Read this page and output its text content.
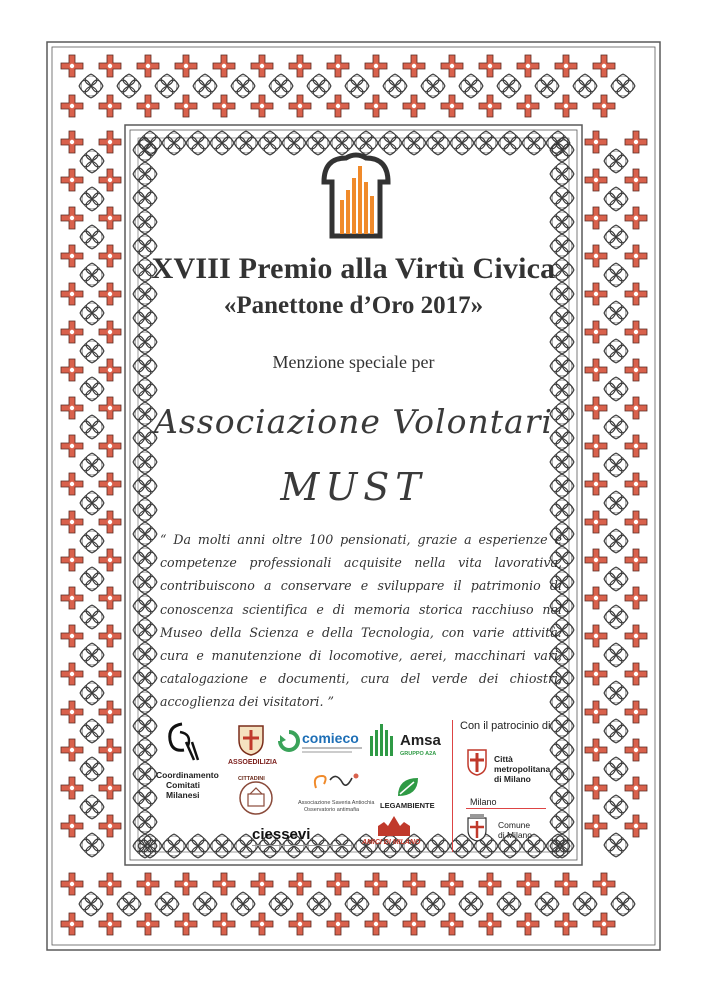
XVIII Premio alla Virtù Civica
«Panettone d’Oro 2017»
Menzione speciale per
Associazione Volontari
MUST
“ Da molti anni oltre 100 pensionati, grazie a esperienze e competenze professionali acquisite nella vita lavorativa, contribuiscono a conservare e sviluppare il patrimonio di conoscenza scientifica e di memoria storica racchiuso nel Museo della Scienza e della Tecnologia, con varie attività: cura e manutenzione di locomotive, aerei, macchinari vari, catalogazione e documenti, cura del verde dei chiostri, accoglienza dei visitatori. ”
Coordinamento
Comitati
Milanesi
ASSOEDILIZIA
comieco	Amsa
GRUPPO A2A
CITTADINI
Associazione Saveria Antiochia
Osservatorio antimafia	LEGAMBIENTE
ciessevi	AMICI DI MILANO
Con il patrocinio di
Città
metropolitana
di Milano
Milano
Comune
di Milano
